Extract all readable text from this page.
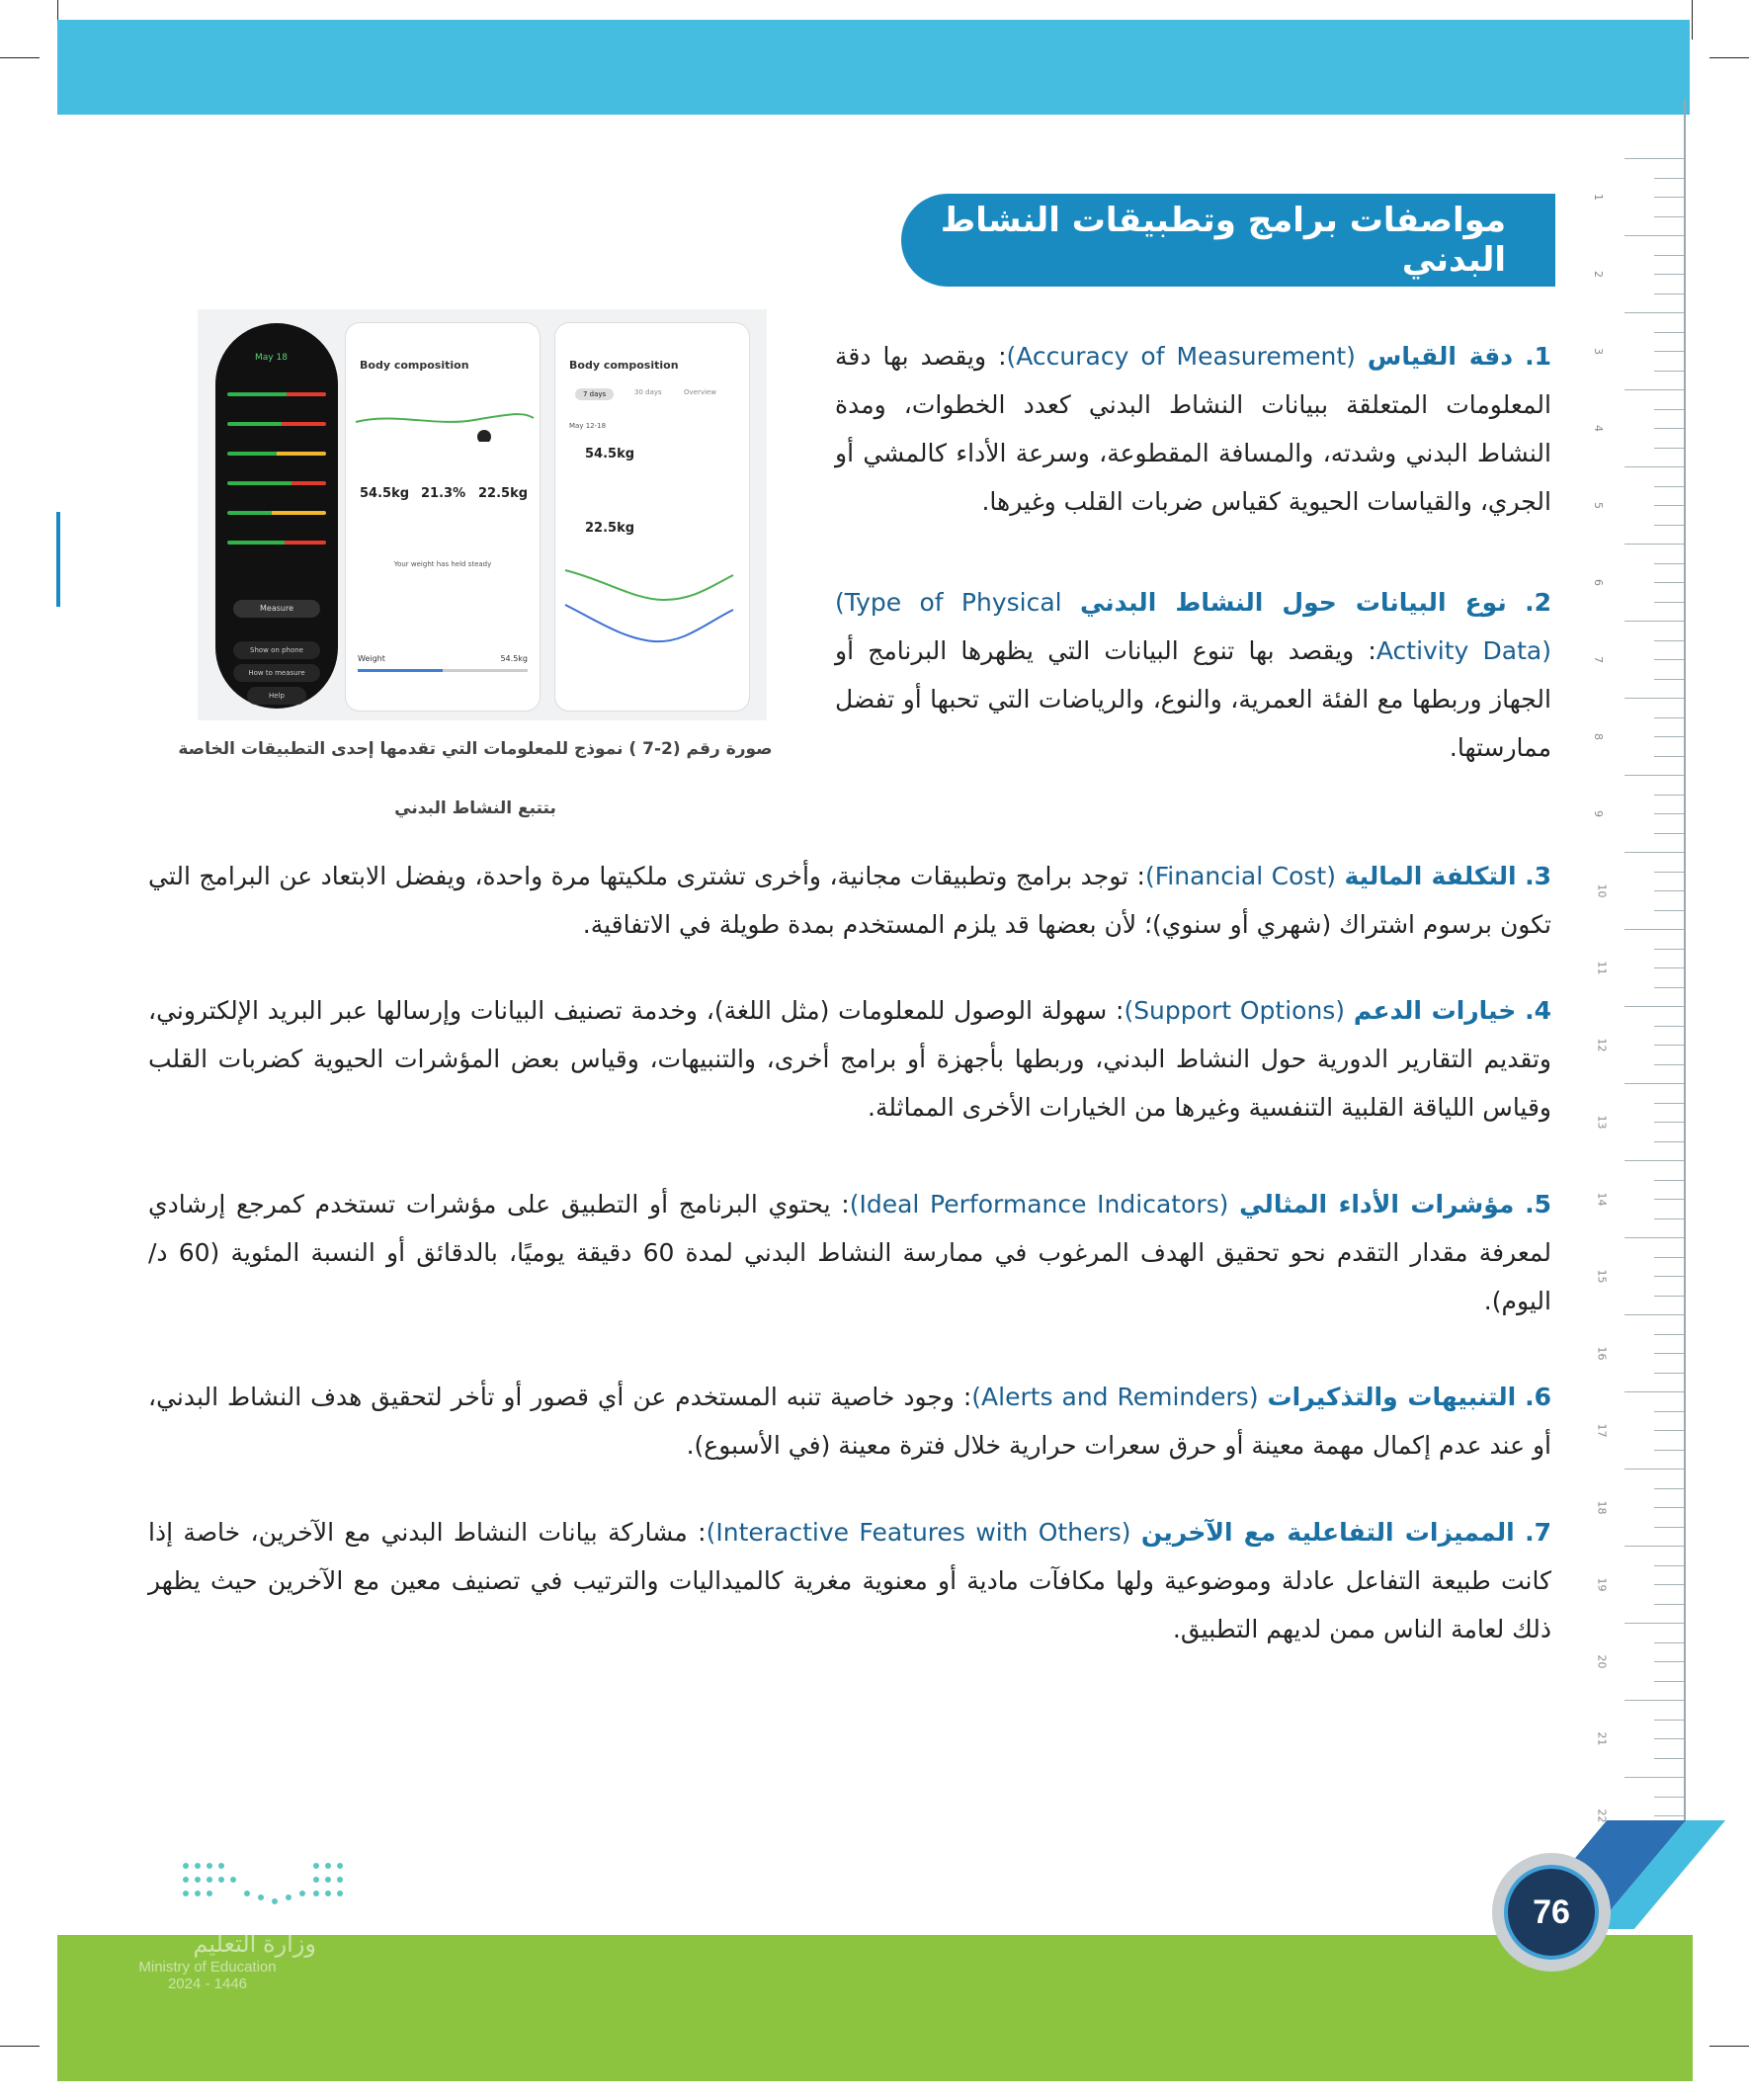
1
2
3
4
5
6
7
8
9
10
11
12
13
14
15
16
17
18
19
20
21
22
مواصفات برامج وتطبيقات النشاط البدني
May 18
Measure
Show on phone
How to measure
Help
Body composition
54.5kg 21.3% 22.5kg
Your weight has held steady
Weight	54.5kg
Body composition
7 days	30 days	Overview
May 12-18
54.5kg
22.5kg
صورة رقم (2-7 ) نموذج للمعلومات التي تقدمها إحدى التطبيقات الخاصة
بتتبع النشاط البدني
1. دقة القياس (Accuracy of Measurement): ويقصد بها دقة المعلومات المتعلقة ببيانات النشاط البدني كعدد الخطوات، ومدة النشاط البدني وشدته، والمسافة المقطوعة، وسرعة الأداء كالمشي أو الجري، والقياسات الحيوية كقياس ضربات القلب وغيرها.
2. نوع البيانات حول النشاط البدني (Type of Physical Activity Data): ويقصد بها تنوع البيانات التي يظهرها البرنامج أو الجهاز وربطها مع الفئة العمرية، والنوع، والرياضات التي تحبها أو تفضل ممارستها.
3. التكلفة المالية (Financial Cost): توجد برامج وتطبيقات مجانية، وأخرى تشترى ملكيتها مرة واحدة، ويفضل الابتعاد عن البرامج التي تكون برسوم اشتراك (شهري أو سنوي)؛ لأن بعضها قد يلزم المستخدم بمدة طويلة في الاتفاقية.
4. خيارات الدعم (Support Options): سهولة الوصول للمعلومات (مثل اللغة)، وخدمة تصنيف البيانات وإرسالها عبر البريد الإلكتروني، وتقديم التقارير الدورية حول النشاط البدني، وربطها بأجهزة أو برامج أخرى، والتنبيهات، وقياس بعض المؤشرات الحيوية كضربات القلب وقياس اللياقة القلبية التنفسية وغيرها من الخيارات الأخرى المماثلة.
5. مؤشرات الأداء المثالي (Ideal Performance Indicators): يحتوي البرنامج أو التطبيق على مؤشرات تستخدم كمرجع إرشادي لمعرفة مقدار التقدم نحو تحقيق الهدف المرغوب في ممارسة النشاط البدني لمدة 60 دقيقة يوميًا، بالدقائق أو النسبة المئوية (60 د/اليوم).
6. التنبيهات والتذكيرات (Alerts and Reminders): وجود خاصية تنبه المستخدم عن أي قصور أو تأخر لتحقيق هدف النشاط البدني، أو عند عدم إكمال مهمة معينة أو حرق سعرات حرارية خلال فترة معينة (في الأسبوع).
7. المميزات التفاعلية مع الآخرين (Interactive Features with Others): مشاركة بيانات النشاط البدني مع الآخرين، خاصة إذا كانت طبيعة التفاعل عادلة وموضوعية ولها مكافآت مادية أو معنوية مغرية كالميداليات والترتيب في تصنيف معين مع الآخرين حيث يظهر ذلك لعامة الناس ممن لديهم التطبيق.
وزارة التعليم
Ministry of Education
2024 - 1446
76
